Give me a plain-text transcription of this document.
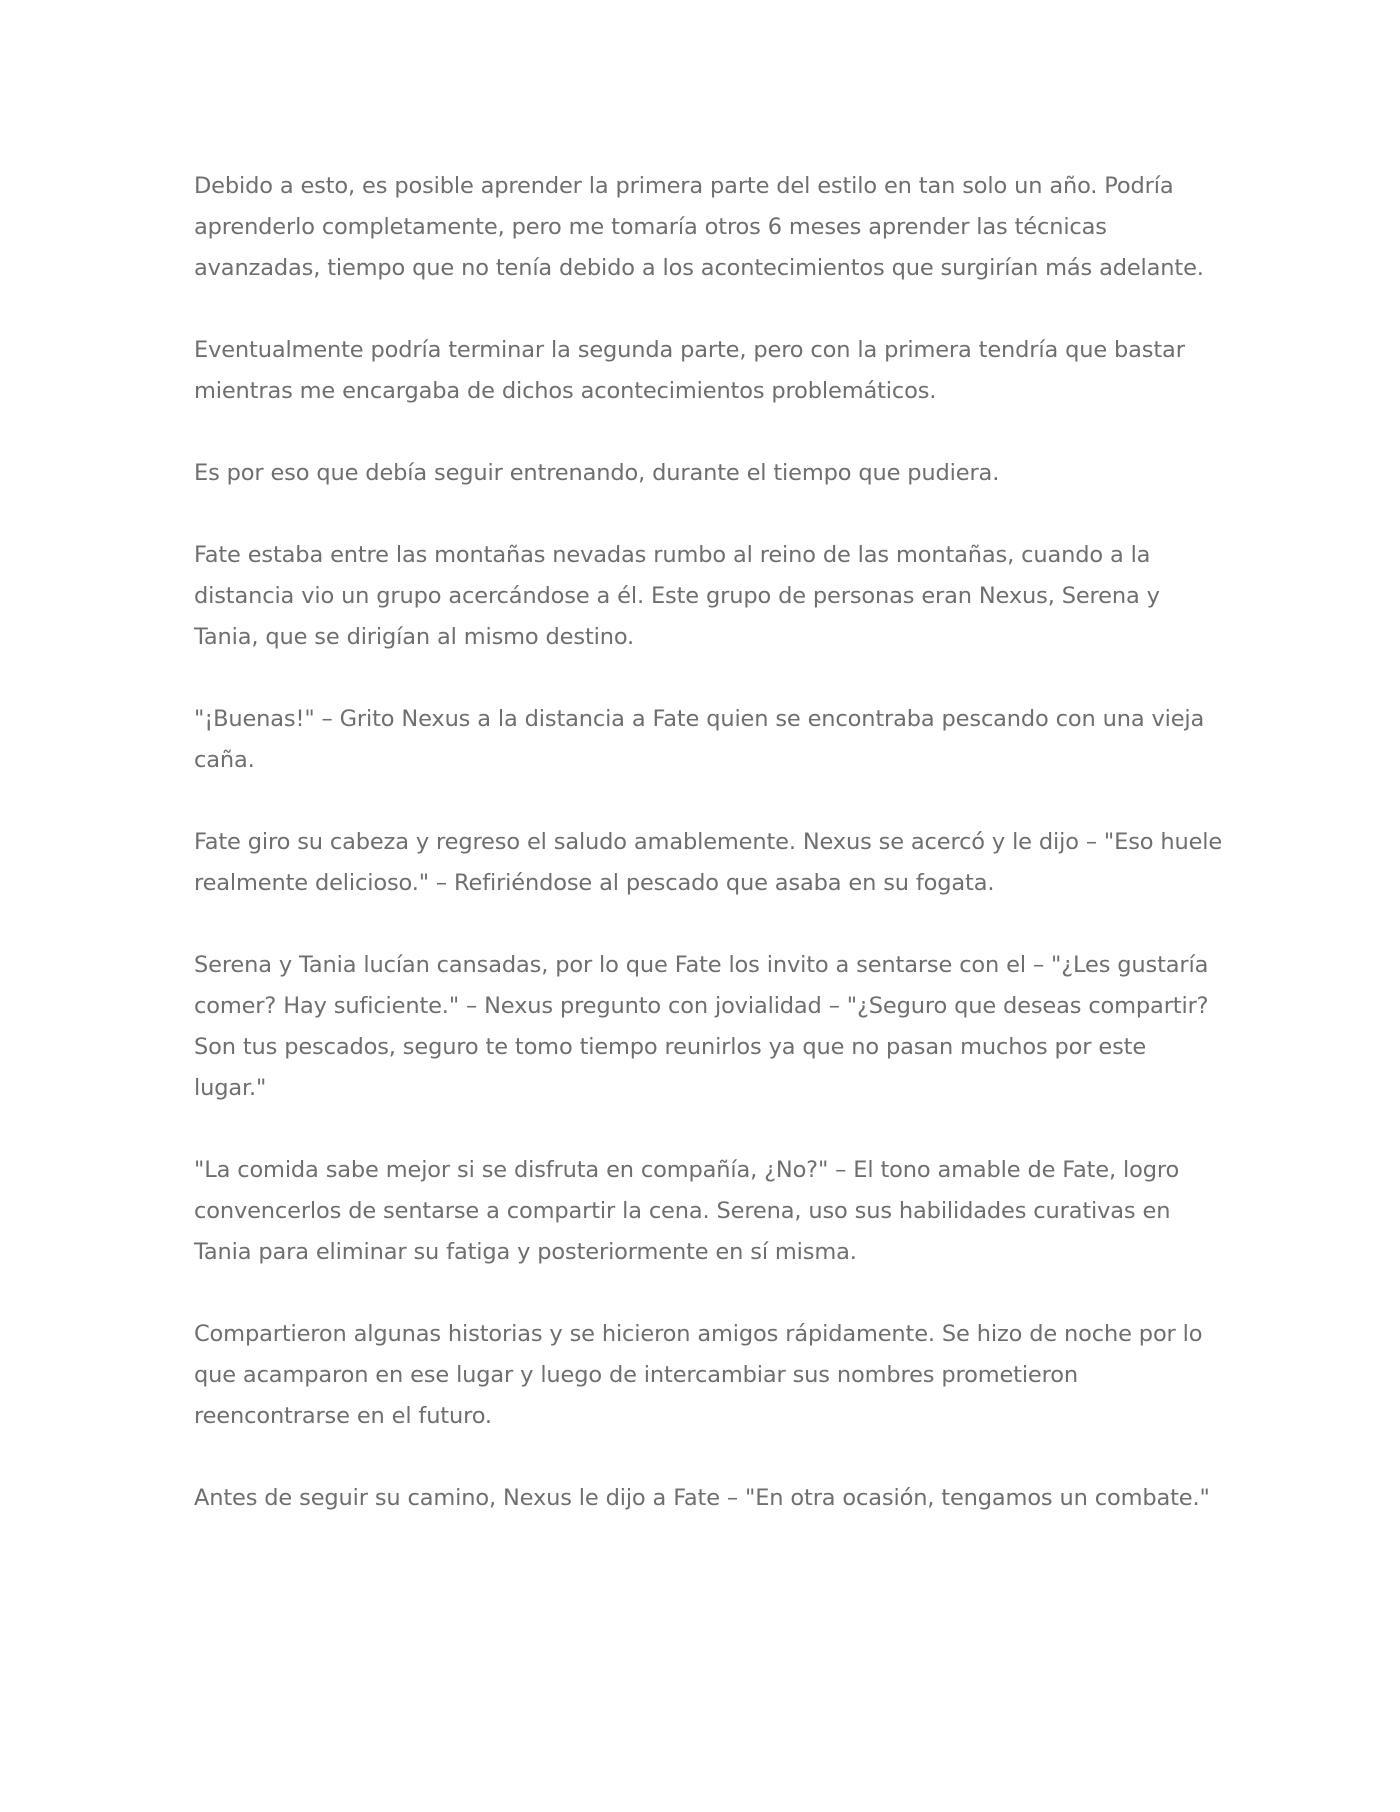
Debido a esto, es posible aprender la primera parte del estilo en tan solo un año. Podría aprenderlo completamente, pero me tomaría otros 6 meses aprender las técnicas avanzadas, tiempo que no tenía debido a los acontecimientos que surgirían más adelante.

Eventualmente podría terminar la segunda parte, pero con la primera tendría que bastar mientras me encargaba de dichos acontecimientos problemáticos.

Es por eso que debía seguir entrenando, durante el tiempo que pudiera.

Fate estaba entre las montañas nevadas rumbo al reino de las montañas, cuando a la distancia vio un grupo acercándose a él. Este grupo de personas eran Nexus, Serena y Tania, que se dirigían al mismo destino.

"¡Buenas!" – Grito Nexus a la distancia a Fate quien se encontraba pescando con una vieja caña.

Fate giro su cabeza y regreso el saludo amablemente. Nexus se acercó y le dijo – "Eso huele realmente delicioso." – Refiriéndose al pescado que asaba en su fogata.

Serena y Tania lucían cansadas, por lo que Fate los invito a sentarse con el – "¿Les gustaría comer? Hay suficiente." – Nexus pregunto con jovialidad – "¿Seguro que deseas compartir? Son tus pescados, seguro te tomo tiempo reunirlos ya que no pasan muchos por este lugar."

"La comida sabe mejor si se disfruta en compañía, ¿No?" – El tono amable de Fate, logro convencerlos de sentarse a compartir la cena. Serena, uso sus habilidades curativas en Tania para eliminar su fatiga y posteriormente en sí misma.

Compartieron algunas historias y se hicieron amigos rápidamente. Se hizo de noche por lo que acamparon en ese lugar y luego de intercambiar sus nombres prometieron reencontrarse en el futuro.

Antes de seguir su camino, Nexus le dijo a Fate – "En otra ocasión, tengamos un combate."
